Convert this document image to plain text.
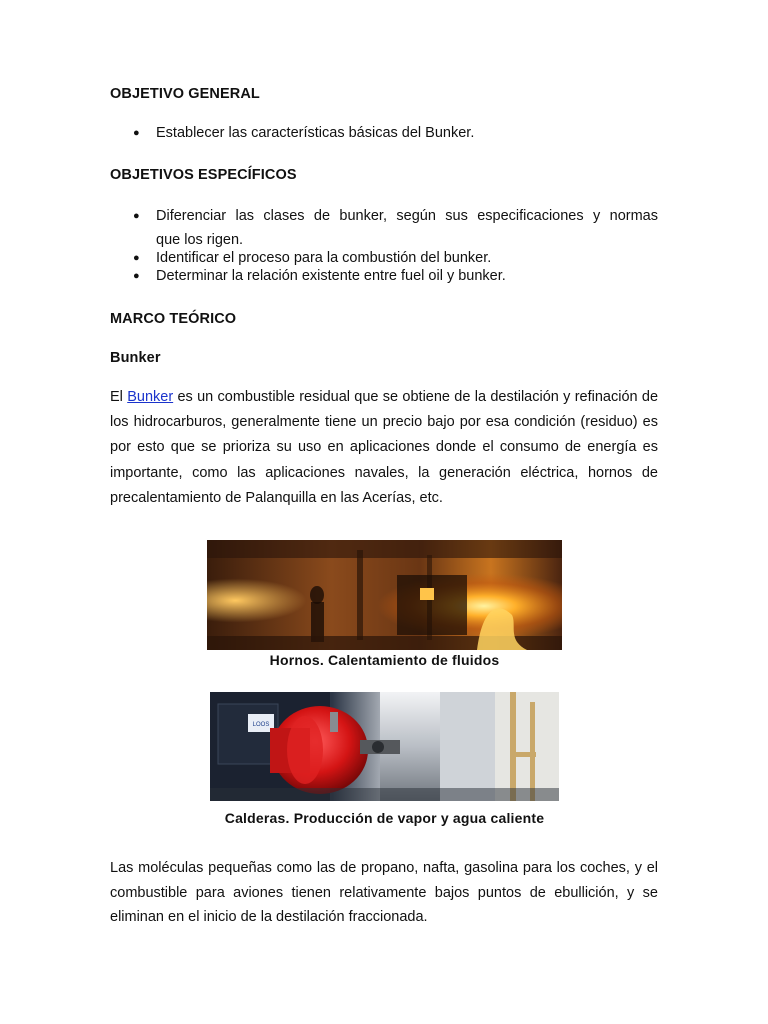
OBJETIVO GENERAL
● Establecer las características básicas del Bunker.
OBJETIVOS ESPECÍFICOS
● Diferenciar las clases de bunker, según sus especificaciones y normas
que los rigen.
● Identificar el proceso para la combustión del bunker.
● Determinar la relación existente entre fuel oil y bunker.
MARCO TEÓRICO
Bunker

El Bunker es un combustible residual que se obtiene de la destilación y refinación de los hidrocarburos, generalmente tiene un precio bajo por esa condición (residuo) es por esto que se prioriza su uso en aplicaciones donde el consumo de energía es importante, como las aplicaciones navales, la generación eléctrica, hornos de precalentamiento de Palanquilla en las Acerías, etc.

Hornos. Calentamiento de fluidos
LOOS
Calderas. Producción de vapor y agua caliente

Las moléculas pequeñas como las de propano, nafta, gasolina para los coches, y el combustible para aviones tienen relativamente bajos puntos de ebullición, y se eliminan en el inicio de la destilación fraccionada.
